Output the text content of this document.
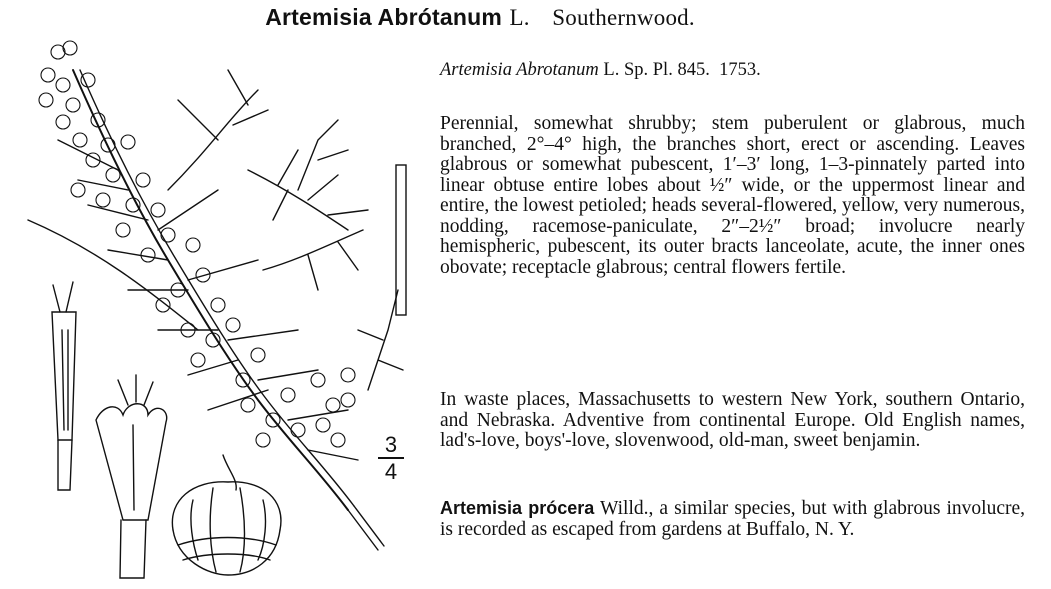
Artemisia Abrótanum L. Southernwood.
3
4
Artemisia Abrotanum L. Sp. Pl. 845. 1753.
Perennial, somewhat shrubby; stem puberulent or glabrous, much branched, 2°–4° high, the branches short, erect or ascending. Leaves glabrous or somewhat pubescent, 1′–3′ long, 1–3-pinnately parted into linear obtuse entire lobes about ½″ wide, or the uppermost linear and entire, the lowest petioled; heads several-flowered, yellow, very numerous, nodding, racemose-paniculate, 2″–2½″ broad; involucre nearly hemispheric, pubescent, its outer bracts lanceolate, acute, the inner ones obovate; receptacle glabrous; central flowers fertile.
In waste places, Massachusetts to western New York, southern Ontario, and Nebraska. Adventive from continental Europe. Old English names, lad's-love, boys'-love, slovenwood, old-man, sweet benjamin.
Artemisia prócera Willd., a similar species, but with glabrous involucre, is recorded as escaped from gardens at Buffalo, N. Y.
